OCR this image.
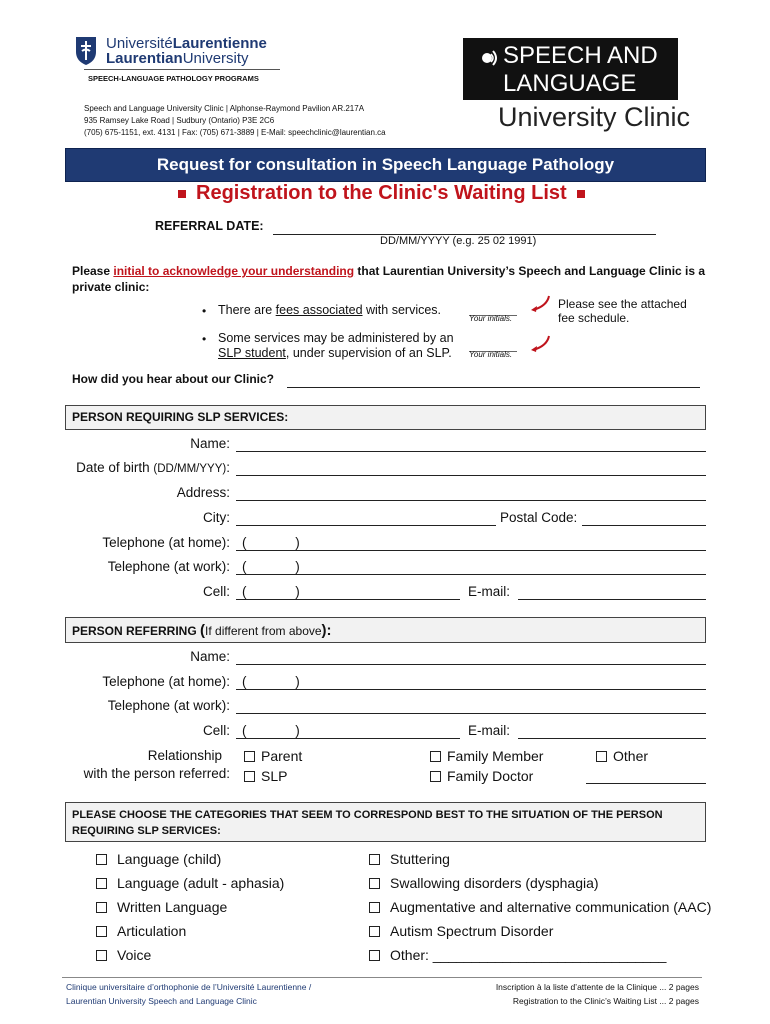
UniversitéLaurentienne
LaurentianUniversity
SPEECH-LANGUAGE PATHOLOGY PROGRAMS
Speech and Language University Clinic | Alphonse-Raymond Pavilion AR.217A
935 Ramsey Lake Road | Sudbury (Ontario) P3E 2C6
(705) 675-1151, ext. 4131 | Fax: (705) 671-3889 | E-Mail: speechclinic@laurentian.ca
SPEECH AND
LANGUAGE
University Clinic
Request for consultation in Speech Language Pathology
Registration to the Clinic's Waiting List
REFERRAL DATE:
DD/MM/YYYY (e.g. 25 02 1991)
Please initial to acknowledge your understanding that Laurentian University’s Speech and Language Clinic is a private clinic:
• There are fees associated with services.
Your initials.
Please see the attached
fee schedule.
• Some services may be administered by an
SLP student, under supervision of an SLP. Your initials.
How did you hear about our Clinic?
PERSON REQUIRING SLP SERVICES:
Name:
Date of birth (DD/MM/YYY):
Address:
City:	Postal Code:
Telephone (at home): (             )
Telephone (at work): (             )
Cell: (             )	E-mail:
PERSON REFERRING (If different from above):
Name:
Telephone (at home): (             )
Telephone (at work):
Cell: (             )	E-mail:
Relationship
with the person referred:
Parent	Family Member	Other
SLP	Family Doctor
PLEASE CHOOSE THE CATEGORIES THAT SEEM TO CORRESPOND BEST TO THE SITUATION OF THE PERSON
REQUIRING SLP SERVICES:
Language (child)
Language (adult - aphasia)
Written Language
Articulation
Voice
Stuttering
Swallowing disorders (dysphagia)
Augmentative and alternative communication (AAC)
Autism Spectrum Disorder
Other: ______________________________
Clinique universitaire d’orthophonie de l’Université Laurentienne /
Laurentian University Speech and Language Clinic
Inscription à la liste d’attente de la Clinique ... 2 pages
Registration to the Clinic’s Waiting List ... 2 pages
